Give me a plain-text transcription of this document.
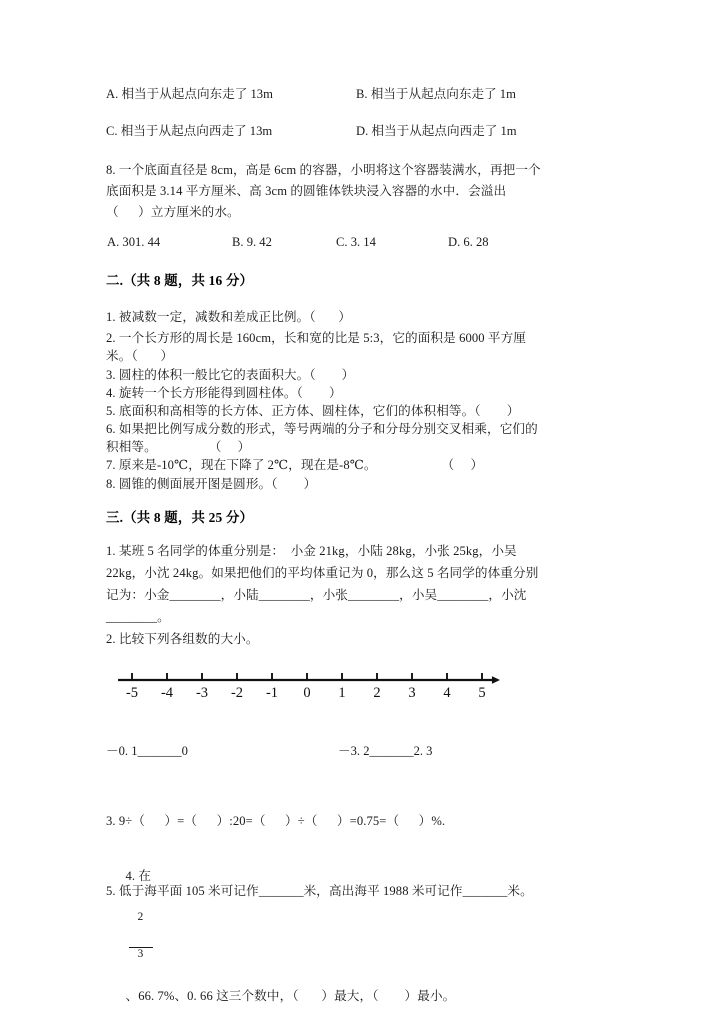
A. 相当于从起点向东走了 13m	B. 相当于从起点向东走了 1m
C. 相当于从起点向西走了 13m	D. 相当于从起点向西走了 1m
8. 一个底面直径是 8cm，高是 6cm 的容器，小明将这个容器装满水，再把一个
底面积是 3.14 平方厘米、高 3cm 的圆锥体铁块浸入容器的水中．会溢出
（      ）立方厘米的水。
A. 301. 44	B. 9. 42	C. 3. 14	D. 6. 28
二.（共 8 题，共 16 分）
1. 被减数一定，减数和差成正比例。（       ）
2. 一个长方形的周长是 160cm，长和宽的比是 5:3，它的面积是 6000 平方厘
米。（       ）
3. 圆柱的体积一般比它的表面积大。（        ）
4. 旋转一个长方形能得到圆柱体。（        ）
5. 底面积和高相等的长方体、正方体、圆柱体，它们的体积相等。（        ）
6. 如果把比例写成分数的形式，等号两端的分子和分母分别交叉相乘，它们的
积相等。                （     ）
7. 原来是-10℃，现在下降了 2℃，现在是-8℃。                    （     ）
8. 圆锥的侧面展开图是圆形。（        ）
三.（共 8 题，共 25 分）
1. 某班 5 名同学的体重分别是：  小金 21kg，小陆 28kg，小张 25kg，小吴
22kg，小沈 24kg。如果把他们的平均体重记为 0，那么这 5 名同学的体重分别
记为：小金________，小陆________，小张________，小吴________，小沈
________。
2. 比较下列各组数的大小。
-5 -4 -3 -2 -1 0 1 2 3 4 5
－0. 1_______0	－3. 2_______2. 3
3. 9÷（      ）=（      ）:20=（      ）÷（      ）=0.75=（      ）%.

4. 在

$\frac{2}{3}$

、66. 7%、0. 66 这三个数中，（       ）最大，（        ）最小。

5. 低于海平面 105 米可记作_______米，高出海平 1988 米可记作_______米。
